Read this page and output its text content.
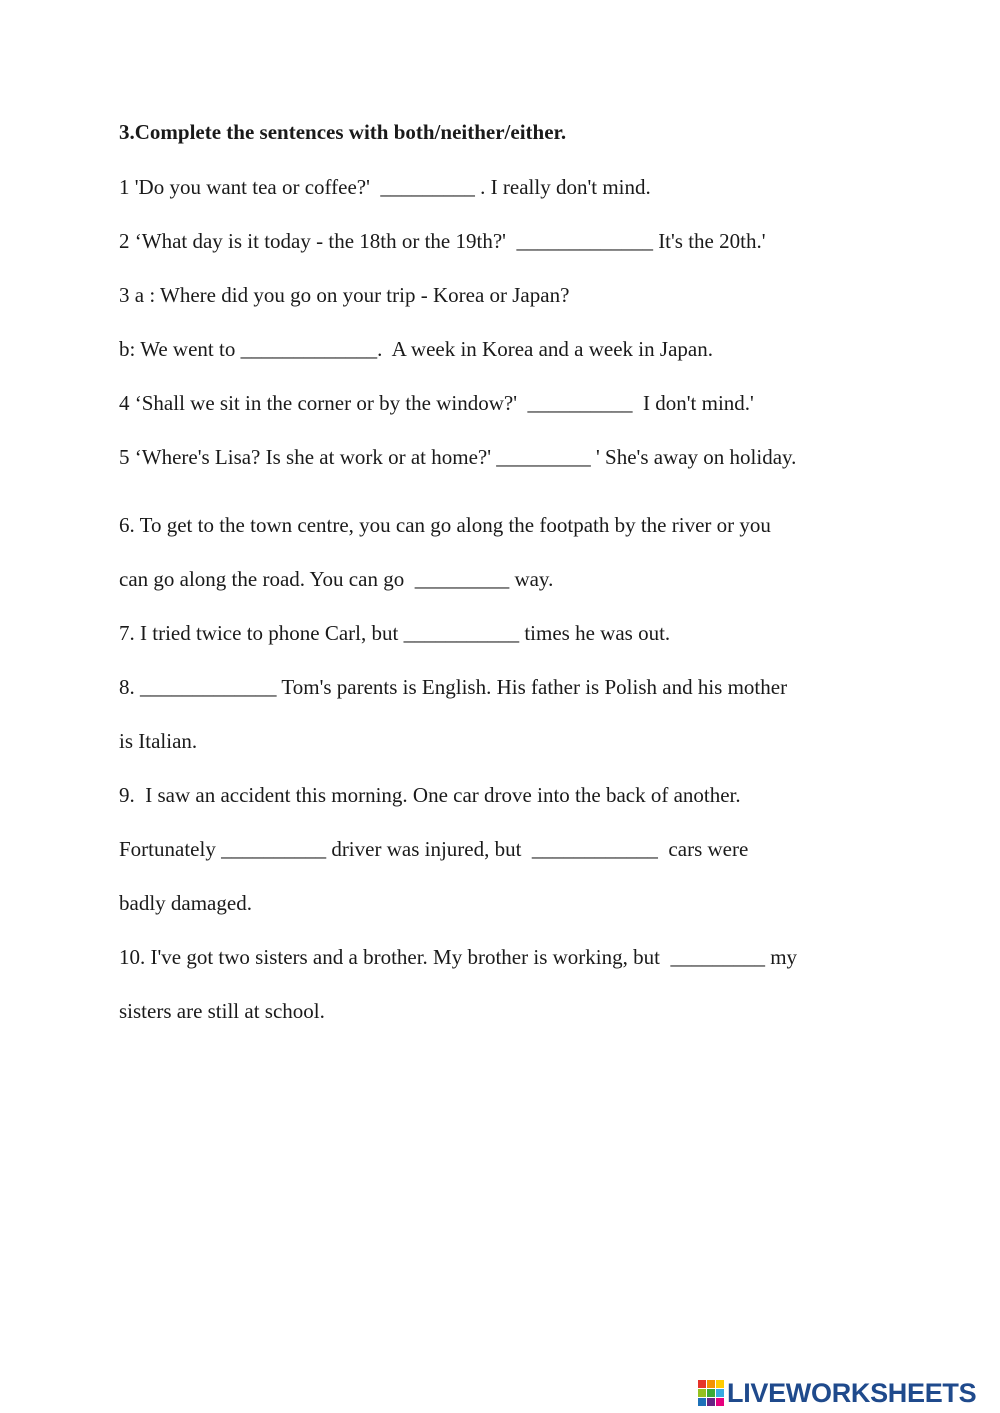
3.Complete the sentences with both/neither/either.
1 'Do you want tea or coffee?'  _________ . I really don't mind.
2 ‘What day is it today - the 18th or the 19th?'  _____________ It's the 20th.'
3 a : Where did you go on your trip - Korea or Japan?
b: We went to _____________.  A week in Korea and a week in Japan.
4 ‘Shall we sit in the corner or by the window?'  __________  I don't mind.'
5 ‘Where's Lisa? Is she at work or at home?' _________ ' She's away on holiday.
6. To get to the town centre, you can go along the footpath by the river or you
can go along the road. You can go  _________ way.
7. I tried twice to phone Carl, but ___________ times he was out.
8. _____________ Tom's parents is English. His father is Polish and his mother
is Italian.
9.  I saw an accident this morning. One car drove into the back of another.
Fortunately __________ driver was injured, but  ____________  cars were
badly damaged.
10. I've got two sisters and a brother. My brother is working, but  _________ my
sisters are still at school.
LIVEWORKSHEETS
